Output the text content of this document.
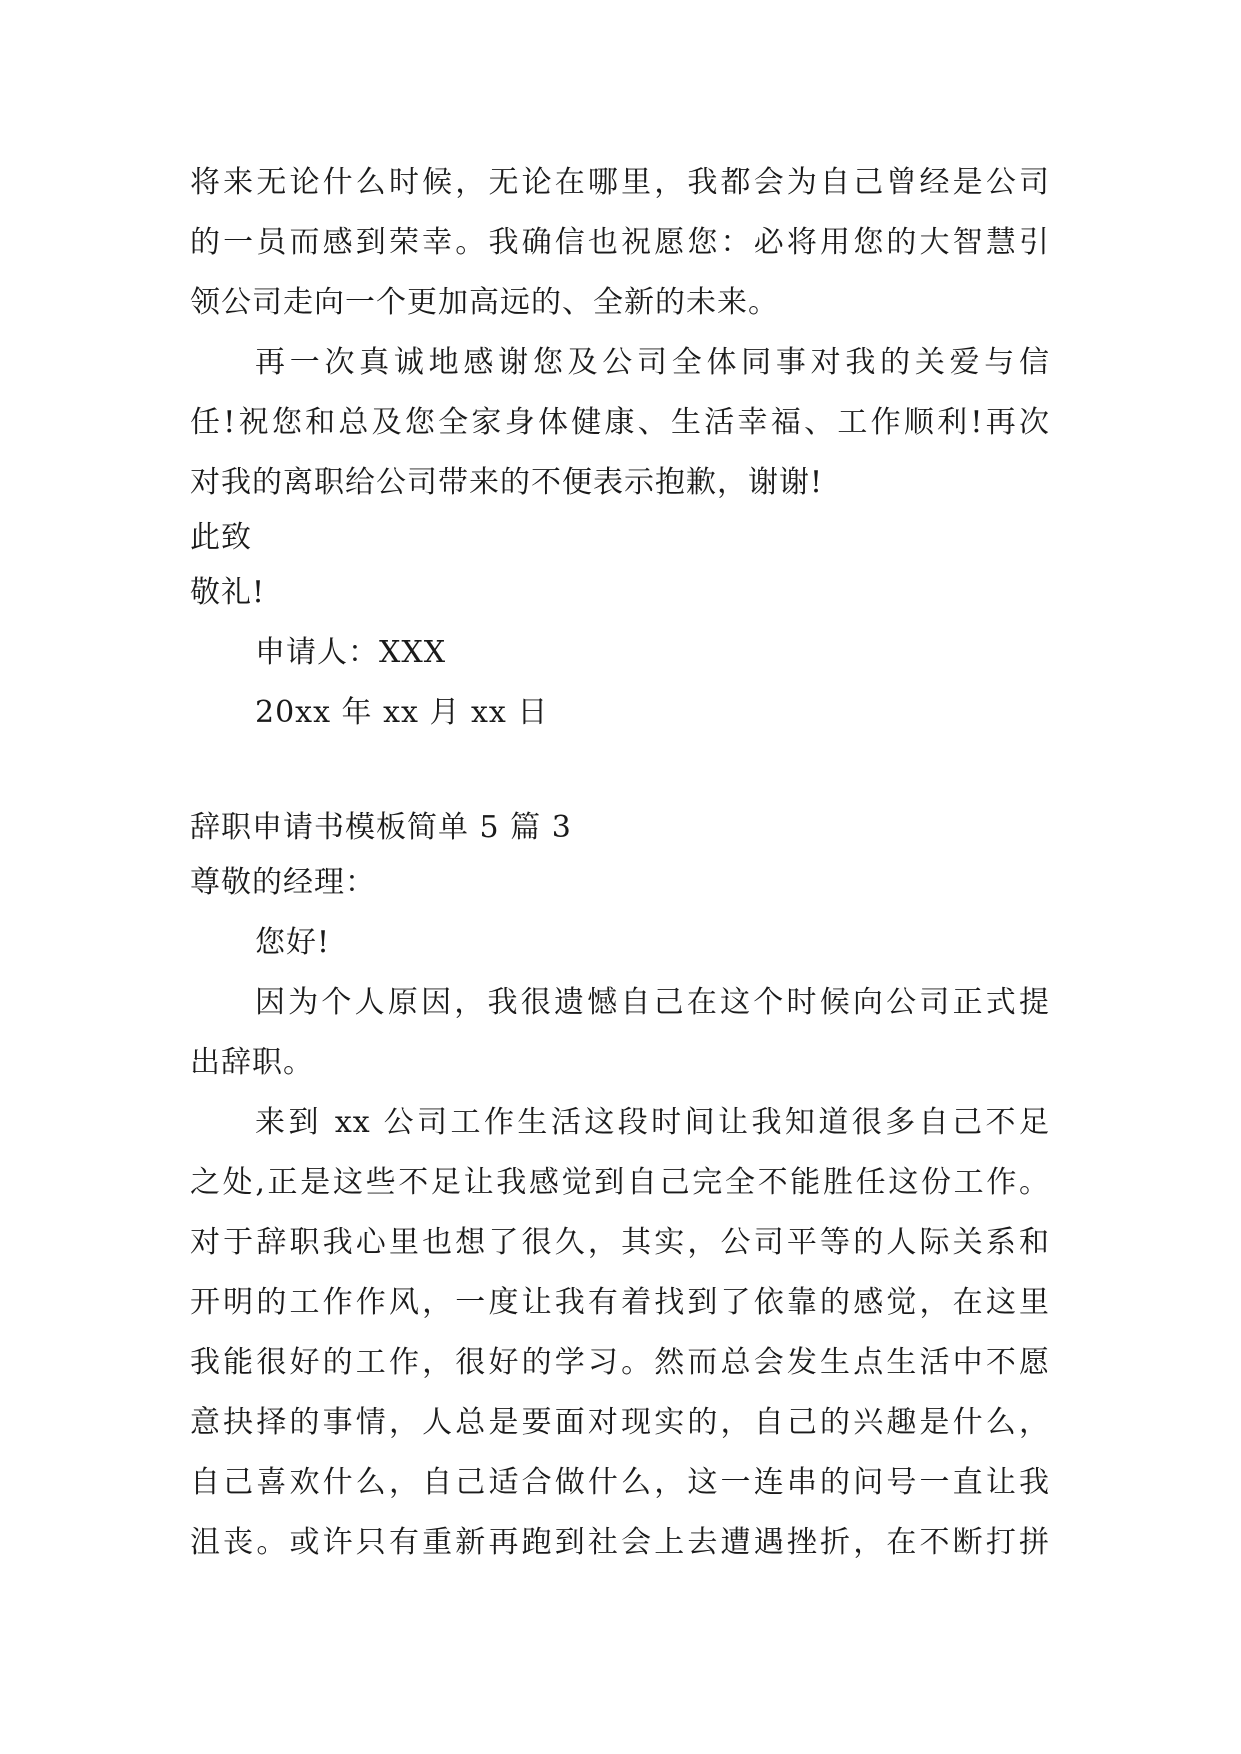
将来无论什么时候，无论在哪里，我都会为自己曾经是公司
的一员而感到荣幸。我确信也祝愿您：必将用您的大智慧引
领公司走向一个更加高远的、全新的未来。
再一次真诚地感谢您及公司全体同事对我的关爱与信
任!祝您和总及您全家身体健康、生活幸福、工作顺利!再次
对我的离职给公司带来的不便表示抱歉，谢谢!
此致
敬礼!
申请人：XXX
20xx 年 xx 月 xx 日
辞职申请书模板简单 5 篇 3
尊敬的经理：
您好!
因为个人原因，我很遗憾自己在这个时候向公司正式提
出辞职。
来到 xx 公司工作生活这段时间让我知道很多自己不足
之处,正是这些不足让我感觉到自己完全不能胜任这份工作。
对于辞职我心里也想了很久，其实，公司平等的人际关系和
开明的工作作风，一度让我有着找到了依靠的感觉，在这里
我能很好的工作，很好的学习。然而总会发生点生活中不愿
意抉择的事情，人总是要面对现实的，自己的兴趣是什么，
自己喜欢什么，自己适合做什么，这一连串的问号一直让我
沮丧。或许只有重新再跑到社会上去遭遇挫折，在不断打拼
